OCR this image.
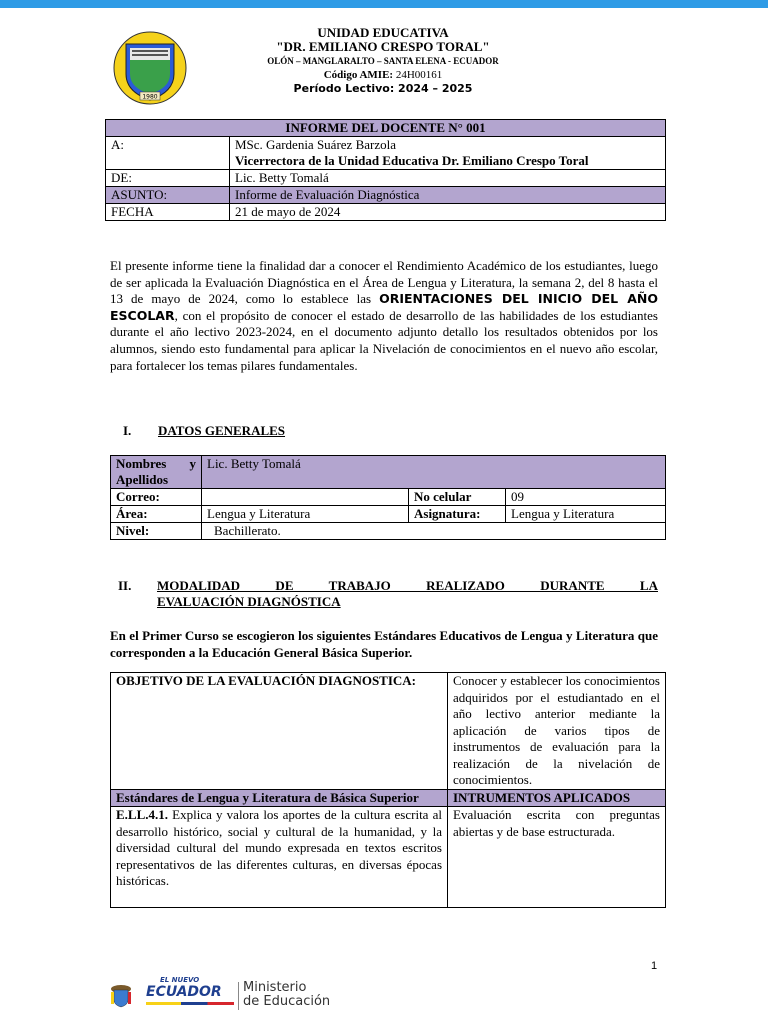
1980
UNIDAD EDUCATIVA
"DR. EMILIANO CRESPO TORAL"
OLÓN – MANGLARALTO – SANTA ELENA - ECUADOR
Código AMIE: 24H00161
Período Lectivo: 2024 – 2025
INFORME DEL DOCENTE N° 001	
A:	MSc. Gardenia Suárez Barzola
Vicerrectora de la Unidad Educativa Dr. Emiliano Crespo Toral

DE:	Lic. Betty Tomalá
ASUNTO:	Informe de Evaluación Diagnóstica
FECHA	21 de mayo de 2024
El presente informe tiene la finalidad dar a conocer el Rendimiento Académico de los estudiantes, luego de ser aplicada la Evaluación Diagnóstica en el Área de Lengua y Literatura, la semana 2, del 8 hasta el 13 de mayo de 2024, como lo establece las ORIENTACIONES DEL INICIO DEL AÑO ESCOLAR, con el propósito de conocer el estado de desarrollo de las habilidades de los estudiantes durante el año lectivo 2023-2024, en el documento adjunto detallo los resultados obtenidos por los alumnos, siendo esto fundamental para aplicar la Nivelación de conocimientos en el nuevo año escolar, para fortalecer los temas pilares fundamentales.
I. DATOS GENERALES
Nombres y Apellidos	Lic. Betty Tomalá		
Correo:		No celular	09
Área:	Lengua y Literatura	Asignatura:	Lengua y Literatura
Nivel:	Bachillerato.		
II. MODALIDAD DE TRABAJO REALIZADO DURANTE LA
EVALUACIÓN DIAGNÓSTICA
En el Primer Curso se escogieron los siguientes Estándares Educativos de Lengua y Literatura que corresponden a la Educación General Básica Superior.
OBJETIVO DE LA EVALUACIÓN DIAGNOSTICA:	Conocer y establecer los conocimientos adquiridos por el estudiantado en el año lectivo anterior mediante la aplicación de varios tipos de instrumentos de evaluación para la realización de la nivelación de conocimientos.
Estándares de Lengua y Literatura de Básica Superior	INTRUMENTOS APLICADOS
E.LL.4.1. Explica y valora los aportes de la cultura escrita al desarrollo histórico, social y cultural de la humanidad, y la diversidad cultural del mundo expresada en textos escritos representativos de las diferentes culturas, en diversas épocas históricas.	Evaluación escrita con preguntas abiertas y de base estructurada.
1
EL NUEVO
ECUADOR Ministerio
de Educación
